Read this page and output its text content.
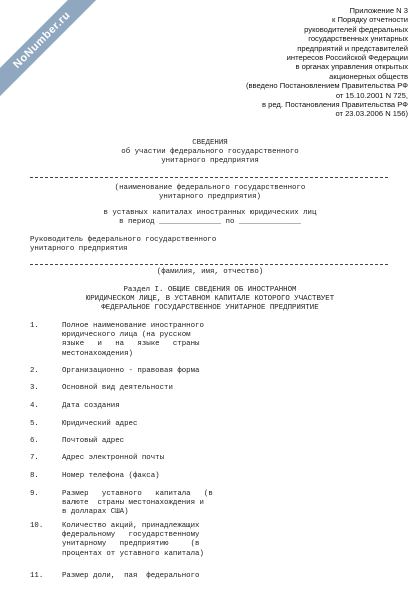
NoNumber.ru	Приложение N 3
к Порядку отчетности
руководителей федеральных
государственных унитарных
предприятий и представителей
интересов Российской Федерации
в органах управления открытых
акционерных обществ
(введено Постановлением Правительства РФ
от 15.10.2001 N 725,
в ред. Постановления Правительства РФ
от 23.03.2006 N 156)
СВЕДЕНИЯ
об участии федерального государственного
унитарного предприятия
(наименование федерального государственного
унитарного предприятия)
в уставных капиталах иностранных юридических лиц
в период ______________ по ______________
Руководитель федерального государственного
унитарного предприятия
(фамилия, имя, отчество)
Раздел I. ОБЩИЕ СВЕДЕНИЯ ОБ ИНОСТРАННОМ
ЮРИДИЧЕСКОМ ЛИЦЕ, В УСТАВНОМ КАПИТАЛЕ КОТОРОГО УЧАСТВУЕТ
ФЕДЕРАЛЬНОЕ ГОСУДАРСТВЕННОЕ УНИТАРНОЕ ПРЕДПРИЯТИЕ
1.	Полное наименование иностранного
юридического лица (на русском
языке   и   на   языке   страны
местонахождения)
2.	Организационно - правовая форма
3.	Основной вид деятельности
4.	Дата создания
5.	Юридический адрес
6.	Почтовый адрес
7.	Адрес электронной почты
8.	Номер телефона (факса)
9.	Размер   уставного   капитала   (в
валюте  страны местонахождения и
в долларах США)
10.	Количество акций, принадлежащих
федеральному   государственному
унитарному   предприятию     (в
процентах от уставного капитала)
11.	Размер доли,  пая  федерального
